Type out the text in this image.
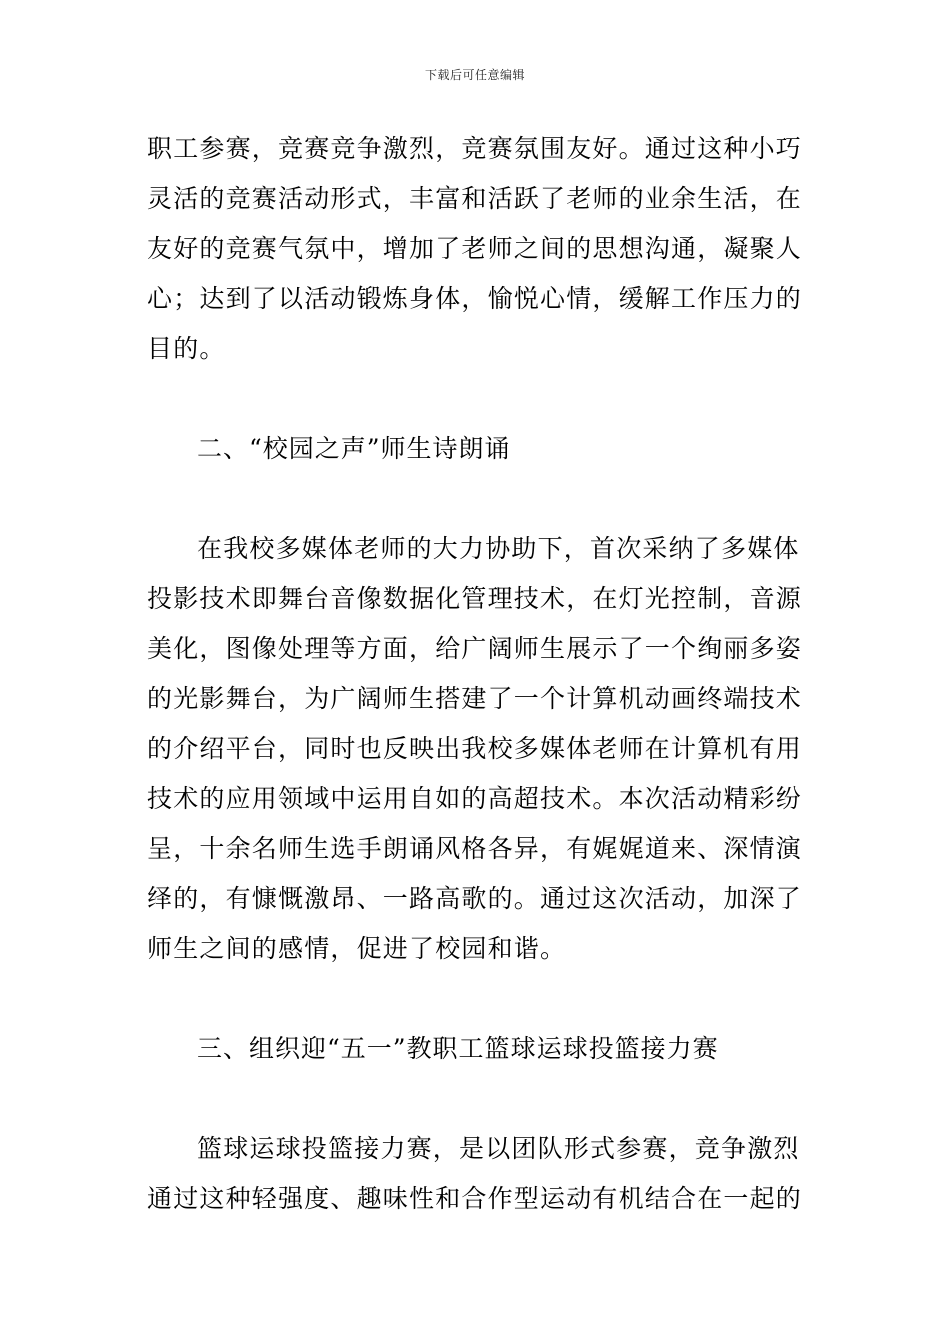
下载后可任意编辑
职工参赛，竞赛竞争激烈，竞赛氛围友好。通过这种小巧
灵活的竞赛活动形式，丰富和活跃了老师的业余生活，在
友好的竞赛气氛中，增加了老师之间的思想沟通，凝聚人
心；达到了以活动锻炼身体，愉悦心情，缓解工作压力的
目的。
二、“校园之声”师生诗朗诵
在我校多媒体老师的大力协助下，首次采纳了多媒体
投影技术即舞台音像数据化管理技术，在灯光控制，音源
美化，图像处理等方面，给广阔师生展示了一个绚丽多姿
的光影舞台，为广阔师生搭建了一个计算机动画终端技术
的介绍平台，同时也反映出我校多媒体老师在计算机有用
技术的应用领域中运用自如的高超技术。本次活动精彩纷
呈，十余名师生选手朗诵风格各异，有娓娓道来、深情演
绎的，有慷慨激昂、一路高歌的。通过这次活动，加深了
师生之间的感情，促进了校园和谐。
三、组织迎“五一”教职工篮球运球投篮接力赛
篮球运球投篮接力赛，是以团队形式参赛，竞争激烈
通过这种轻强度、趣味性和合作型运动有机结合在一起的
